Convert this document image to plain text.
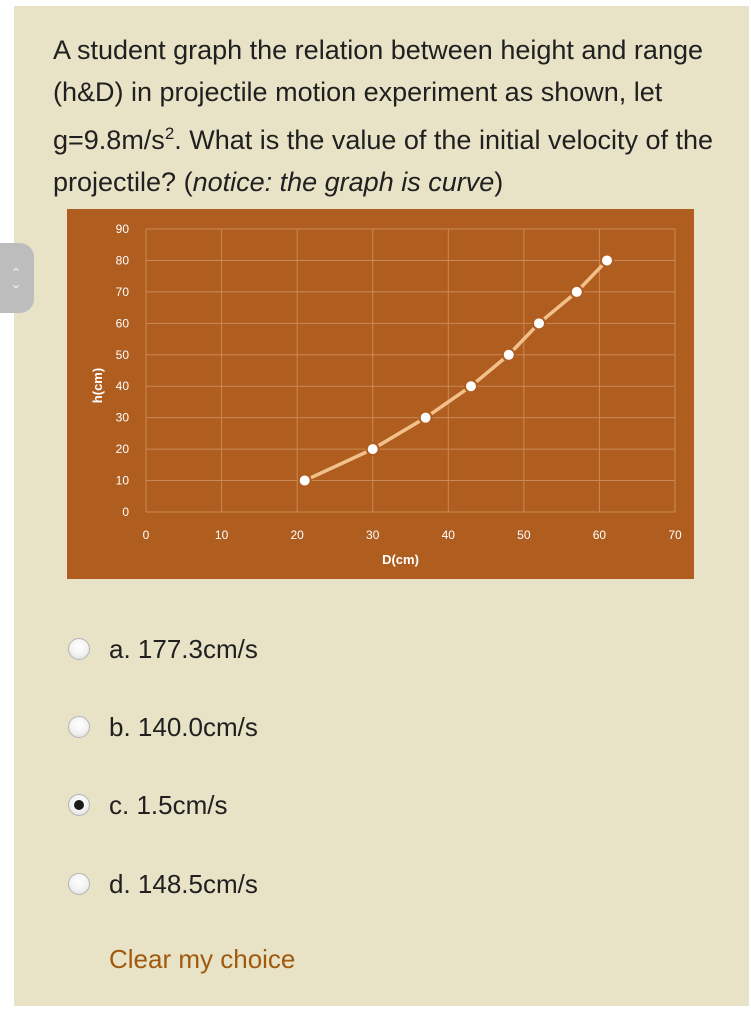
A student graph the relation between height and range (h&D) in projectile motion experiment as shown, let $g=9.8m/s^2$. What is the value of the initial velocity of the projectile? (notice: the graph is curve)
‹
›
0
10
20
30
40
50
60
70
80
90
0	10	20	30	40	50	60	70
D(cm)
h(cm)
a. 177.3cm/s
b. 140.0cm/s
c. 1.5cm/s
d. 148.5cm/s
Clear my choice
